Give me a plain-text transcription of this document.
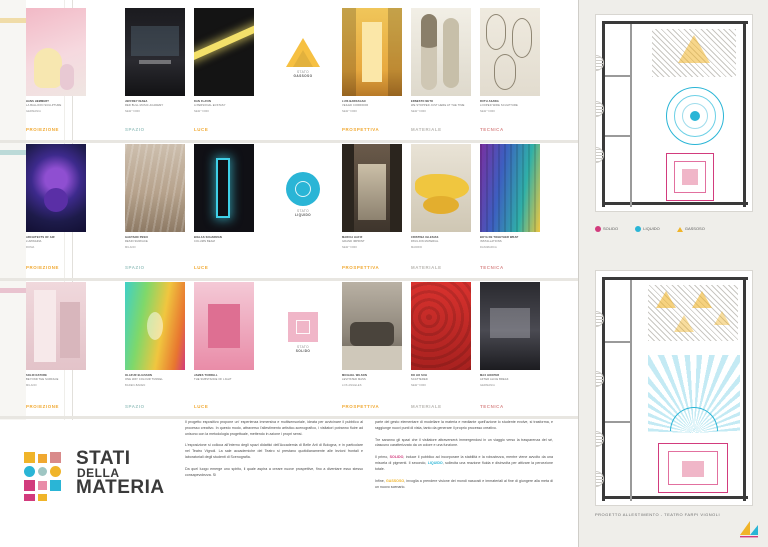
HANS HEMMERT
LA BALLOON SCULPTURE
GERMANIA
JEFFREY INABA
RED BULL MUSIC ACADEMY
NEW YORK
DAN FLAVIN
A PERSONAL ECSTASY
NEW YORK
STATO
GASSOSO
LUIS BARRAGAN
VEILED CORRIDOR
NEW YORK
ERNESTO NETO
WE STOPPED JUST HERE AT THE TIME
NEW YORK
RUTH ASAWA
LOOPED WIRE SCULPTURE
NEW YORK
PROIEZIONE	SPAZIO	LUCE	PROSPETTIVA	MATERIALE	TECNICA
ARCHITECTS OF AIR
LUMINARIA
ROMA
GAETANO PESCI
RESIN SURFACE
MILANO
BIGLAS SCHARMAN
COLUMN BEAM
STATO
LIQUIDO
MARCIA HAFIF
GRAND IMPRINT
NEW YORK
CRISTINA IGLESIAS
PAVILION MATERIAL
MADRID
BOYA DE TOGETHER WRAP
INSTALLATIONS
DANIMARCA
PROIEZIONE	SPAZIO	LUCE	PROSPETTIVA	MATERIALE	TECNICA
SOLID NATURE
BEYOND THE SURFACE
MILANO
OLAFUR ELIASSON
ONE WAY COLOUR TUNNEL
BADEN-BADEN
JAMES TURRELL
THE SUBSTANCE OF LIGHT
STATO
SOLIDO
MICHAEL WILSON
LEVITATED MASS
LOS ANGELES
DO HO SUH
SCATTERED
NEW YORK
MAX HOOPER
AFTER ALICE BREAK
GERMANIA
PROIEZIONE	SPAZIO	LUCE	PROSPETTIVA	MATERIALE	TECNICA

Il progetto espositivo propone un' esperienza immersiva e multisensoriale, ideata per avvicinare il pubblico al processo creativo. In questo modo, attraverso l'allestimento artistico-scenografico, i visitatori potranno fluire ad unisono con la metodologia progettuale, mettendo in azione i propri sensi.

L'esposizione si colloca all'interno degli spazi didattici dell'Accademia di Belle Arti di Bologna, e in particolare nel Teatro Vignoli. La sale accademiche del Teatro si prestano quotidianamente alle lezioni frontali e laboratoriali degli studenti di Scenografia.

Da quel luogo emerge uno spirito, il quale aspira a creare nuove prospettive, fino a diventare esso stesso consapevolezza. Si

parte del gesto elementare di modellare la materia e mediante quell'azione lo studente evolve, si trasforma, e raggiunge nuovi punti di vista, tanto da generare il proprio processo creativo.

Tre saranno gli spazi che il visitatore attraverserà immergendosi in un viaggio verso la trasparenza del sé, ciascuno caratterizzato da un colore e una funzione.

Il primo, SOLIDO, induce il pubblico ad incorporare la stabilità e la robustezza, mentre viene avvolto da una miscela di pigmenti. Il secondo, LIQUIDO, sollecita una reazione fluida e disinvolta per attivare la percezione totale.

Infine, GASSOSO, invoglia a prendere visione dei mondi nascosti e immateriali al fine di giungere alla meta di un nuovo scenario.

STATI
DELLA
MATERIA
SOLIDO	LIQUIDO	GASSOSO
PROGETTO ALLESTIMENTO - TEATRO FARPI VIGNOLI
